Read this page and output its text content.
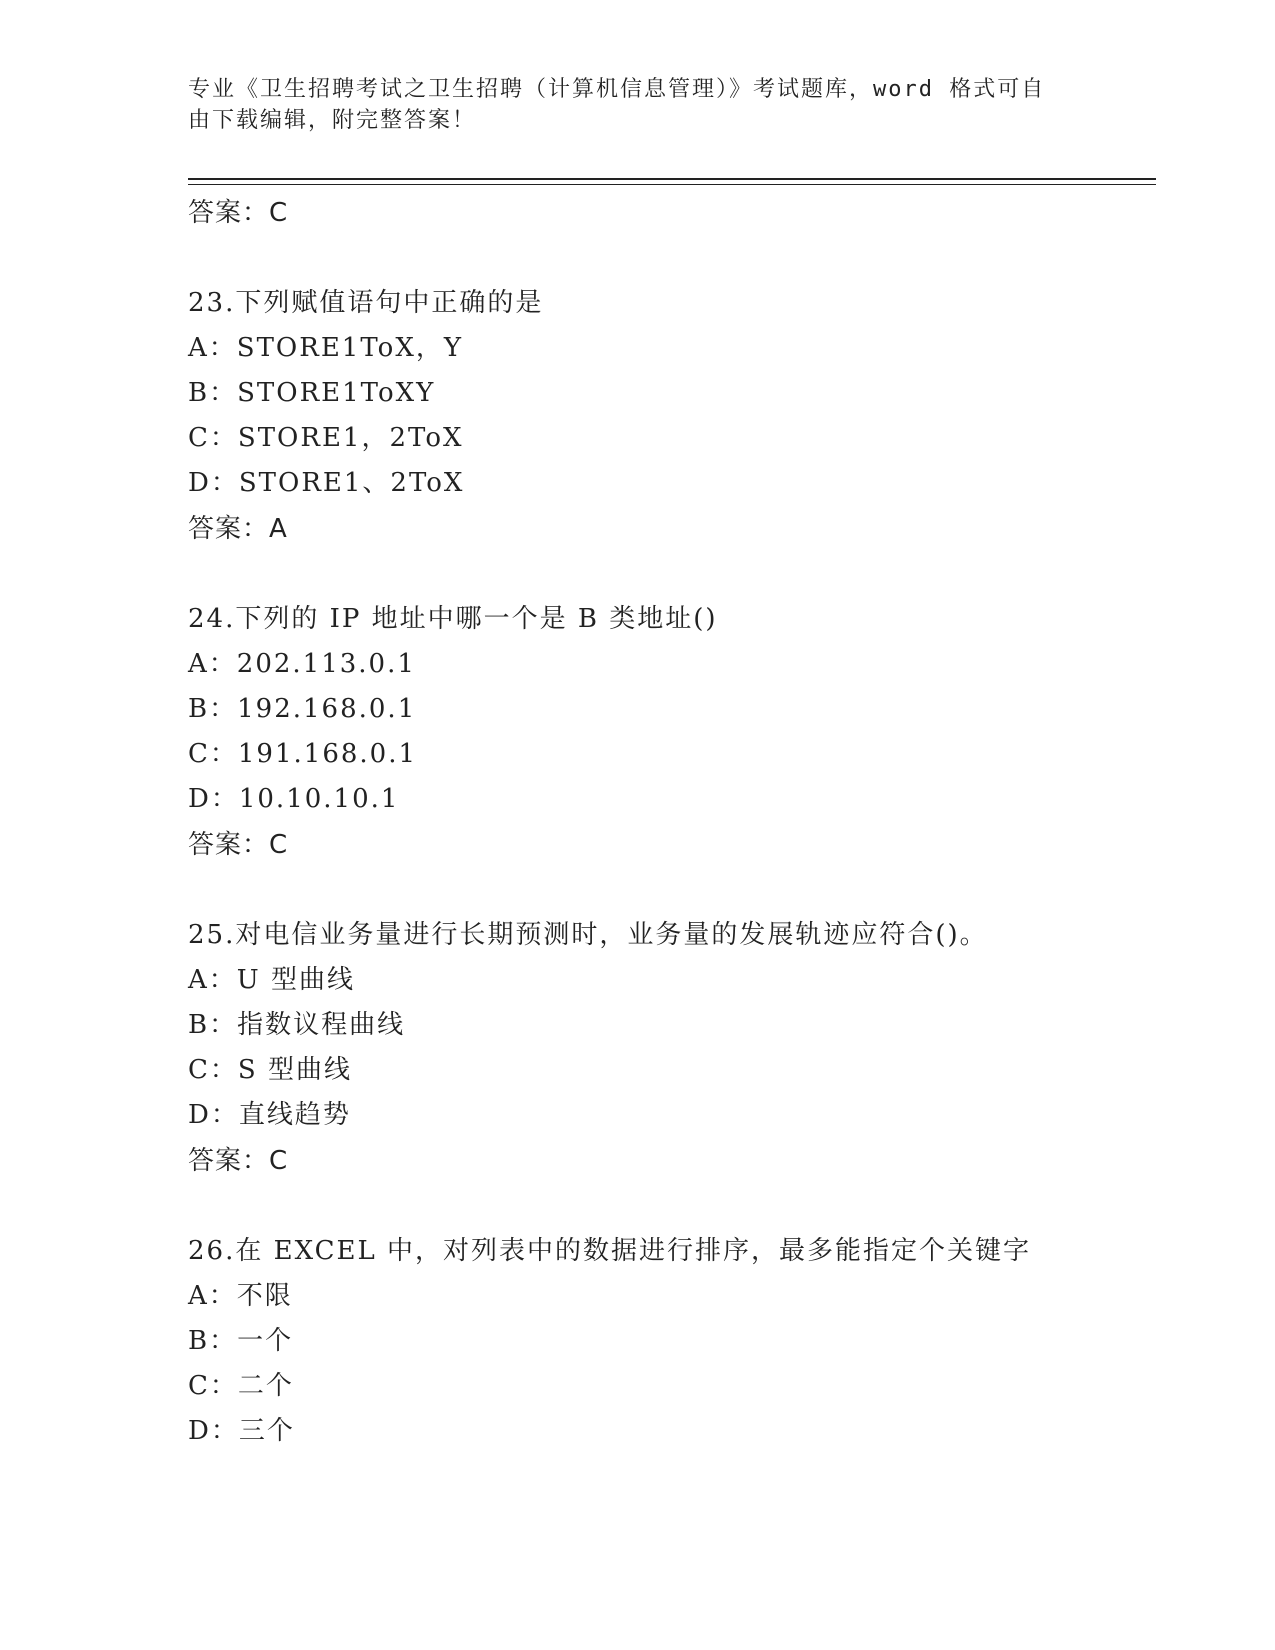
专业《卫生招聘考试之卫生招聘（计算机信息管理）》考试题库，word 格式可自
由下载编辑，附完整答案！
答案：C
23.下列赋值语句中正确的是
A：STORE1ToX，Y
B：STORE1ToXY
C：STORE1，2ToX
D：STORE1、2ToX
答案：A
24.下列的 IP 地址中哪一个是 B 类地址()
A：202.113.0.1
B：192.168.0.1
C：191.168.0.1
D：10.10.10.1
答案：C
25.对电信业务量进行长期预测时，业务量的发展轨迹应符合()。
A：U 型曲线
B：指数议程曲线
C：S 型曲线
D：直线趋势
答案：C
26.在 EXCEL 中，对列表中的数据进行排序，最多能指定个关键字
A：不限
B：一个
C：二个
D：三个
